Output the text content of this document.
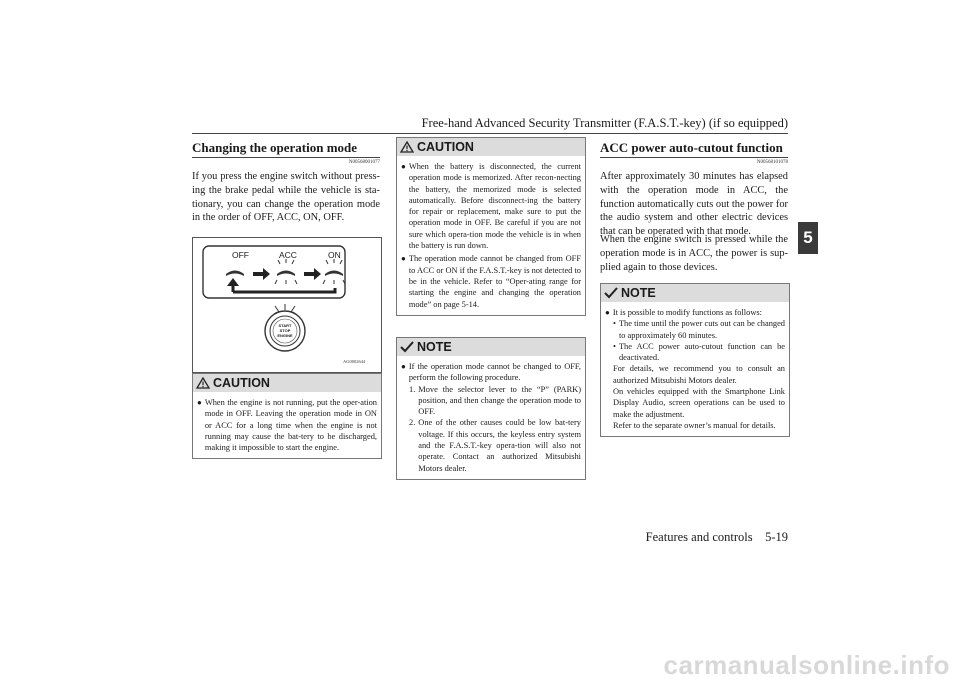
Free-hand Advanced Security Transmitter (F.A.S.T.-key) (if so equipped)
5
Changing the operation mode
N00568001077
If you press the engine switch without press-ing the brake pedal while the vehicle is sta-tionary, you can change the operation mode in the order of OFF, ACC, ON, OFF.
OFF	ACC	ON
START
STOP
ENGINE
AG0002644
CAUTION
● When the engine is not running, put the oper-ation mode in OFF. Leaving the operation mode in ON or ACC for a long time when the engine is not running may cause the bat-tery to be discharged, making it impossible to start the engine.
CAUTION
● When the battery is disconnected, the current operation mode is memorized. After recon-necting the battery, the memorized mode is selected automatically. Before disconnect-ing the battery for repair or replacement, make sure to put the operation mode in OFF. Be careful if you are not sure which opera-tion mode the vehicle is in when the battery is run down.
● The operation mode cannot be changed from OFF to ACC or ON if the F.A.S.T.-key is not detected to be in the vehicle. Refer to “Oper-ating range for starting the engine and changing the operation mode” on page 5-14.
NOTE
● If the operation mode cannot be changed to OFF, perform the following procedure.
1. Move the selector lever to the “P” (PARK) position, and then change the operation mode to OFF.
2. One of the other causes could be low bat-tery voltage. If this occurs, the keyless entry system and the F.A.S.T.-key opera-tion will also not operate. Contact an authorized Mitsubishi Motors dealer.
ACC power auto-cutout function
N00568101078
After approximately 30 minutes has elapsed with the operation mode in ACC, the function automatically cuts out the power for the audio system and other electric devices that can be operated with that mode.
When the engine switch is pressed while the operation mode is in ACC, the power is sup-plied again to those devices.
NOTE
● It is possible to modify functions as follows:
• The time until the power cuts out can be changed to approximately 60 minutes.
• The ACC power auto-cutout function can be deactivated.
For details, we recommend you to consult an authorized Mitsubishi Motors dealer.
On vehicles equipped with the Smartphone Link Display Audio, screen operations can be used to make the adjustment.
Refer to the separate owner’s manual for details.
Features and controls    5-19
carmanualsonline.info
